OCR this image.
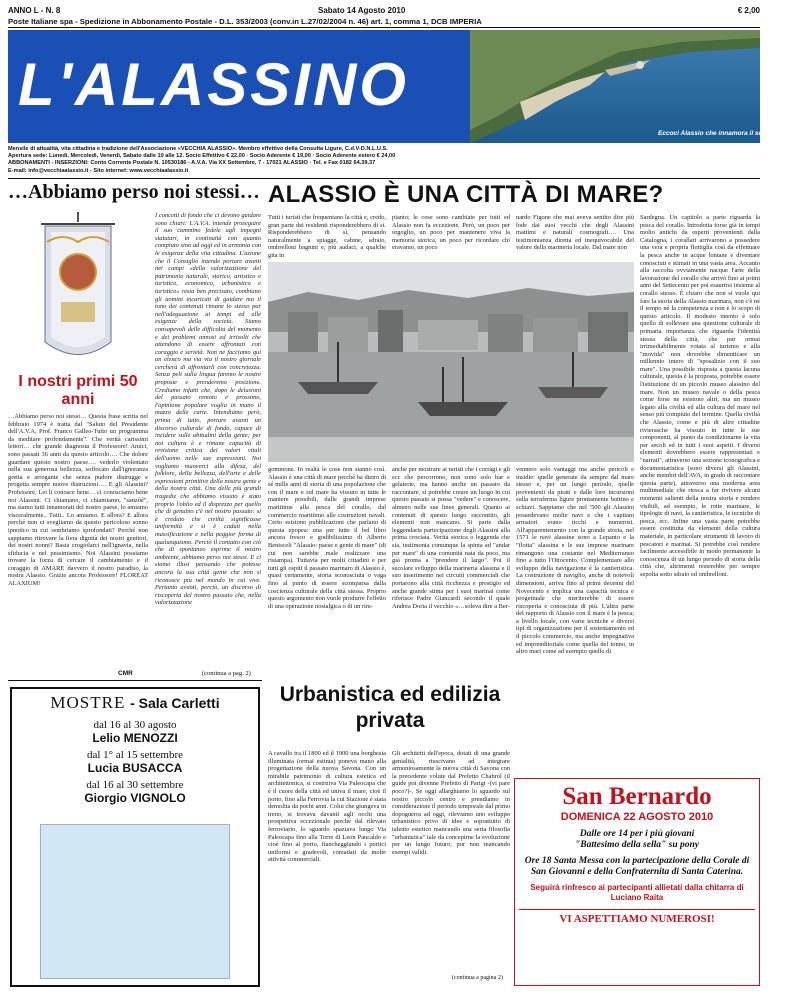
ANNO L - N. 8	Sabato 14 Agosto 2010	€ 2,00
Poste Italiane spa - Spedizione in Abbonamento Postale - D.L. 353/2003 (conv.in L.27/02/2004 n. 46) art. 1, comma 1, DCB IMPERIA
L'ALASSINO
Eccoci Alassio che innamora il sole (A. Gras)
Mensile di attualità, vita cittadina e tradizione dell'Associazione «VECCHIA ALASSIO». Membro effettivo della Consulta Ligure, C.d.V-D.N.L.U.S.
Apertura sede: Lunedì, Mercoledì, Venerdì, Sabato dalle 10 alle 12. Socio Effettivo € 22,00 · Socio Aderente € 19,00 · Socio Aderente estero € 24,00
ABBONAMENTI - INSERZIONI: Conto Corrente Postale N. 10530186 - A.V.A. Via XX Settembre, 7 - 17021 ALASSIO · Tel. e Fax 0182 64.39.37
E-mail: info@vecchiaalassio.it - Sito internet: www.vecchiaalassio.it
…Abbiamo perso noi stessi…
I nostri primi 50 anni
…Abbiamo perso noi stessi… Questa frase scritta nel febbraio 1974 è tratta dal "Saluto del Presidente dell'A.V.A, Prof. Franco Galleo-Tutto un programma da meditare profondamente". Che verità carissimi lettori… che grande diagnosta il Professore! Amici, sono passati 36 anni da questo articolo…. Che dolore guardare questo nostro paese…. vederlo violentato nella sua generosa bellezza, soffocato dall'ignoranza gretta e arrogante che senza pudore distrugge e progetta sempre nuove distruzioni…. E gli Alassini? Professore, Lei li conosce bene… ci conosciamo bene noi Alassini. Ci chiamano, ci chiamiamo, "sanzôê", ma siamo tutti innamorati del nostro paese, lo amiamo visceralmente.. Tutti.. Lo amiamo. E allora? E allora perché non ci svegliamo da questo pericoloso sonno ipnotico in cui sembriamo sprofondati? Perché non sappiamo ritrovare la fiera dignità dei nostri genitori, dei nostri nonni? Basta crogiolarci nell'ignavia, nella sfiducia e nel pessimismo. Noi Alassini possiamo trovare la forza di cercare il cambiamento e il coraggio di AMARE davvero il nostro paradiso, la nostra Alassio. Grazie ancora Professore! FLOREAT ALAXIUM!
CMR
I concetti di fondo che ci devono guidare sono chiari: L'A.V.A. intende proseguire il suo cammino fedele agli impegni statutari, in continuità con quanto compiuto sino ad oggi ed in armonia con le esigenze della vita cittadina. L'azione che il Consiglio intende portare avanti nei campi «della valorizzazione del patrimonio naturale, storico, artistico e turistico, economico, urbanistico e turistico» resta ben precisato, combiano gli uomini incaricati di guidare ma il tono dei contenuti rimane lo stesso pur nell'adeguazione ai tempi ed alle esigenze della società. Siamo consapevoli delle difficoltà del momento e dei problemi annosi ed irrisolti che attendono di essere affrontati con coraggio e serietà. Non ne facciamo qui un elenco ma via via il nostro giornale cercherà di affrontarli con concretezza. Senza peli sulla lingua faremo le nostre proposte e prenderemo posizione. Crediamo infatti che, dopo le delusioni del passato remoto e prossimo, l'opinione popolare voglia in mano il mazzo delle carte. Intendiamo però, prima di tutto, portare avanti un discorso culturale di fondo, capace di incidere sulle abitudini della gente; per noi cultura è e rimane capacità di revisione critica dei valori vitali dell'uomo nelle sue espressioni. Noi vogliamo muoverci alla difesa, del folklore, della bellezza, dell'arte e delle espressioni primitive della nostra gente e della nostra città. Una delle più grandi tragedie che abbiamo vissuto è stato proprio l'oblio ed il disprezzo per quello che di genuino c'è nel nostro passato: si è creduto che civiltà significasse uniformità e si è caduti nella massificazione e nella peggior forma di qualunquismo. Perciò il contatto con ciò che di spontaneo esprime il nostro ambiente, abbiamo perso noi stessi. E ci siamo illusi pensando che potesse ancora la sua città gente che non si riconosce più nel mondo in cui vive. Pertanto avanti, perciò, un discorso di riscoperta del nostro passato che, nella valorizzazione
(continua a pag. 2)
ALASSIO È UNA CITTÀ DI MARE?
Tutti i turisti che frequentano la città e, credo, gran parte dei residenti risponderebbero di sì. Risponderebbero di sì, pensando naturalmente a spiagge, cabine, sdraio, ombrelloni bagnini e, più audaci, a qualche gita in
pianto; le cose sono cambiate per tutti ed Alassio non fa eccezione. Però, un poco per orgoglio, un poco per mantenere viva la memoria storica, un poco per ricordare chi eravamo, un poco
nardo Figone che mai aveva sentito dire più lode dai suoi vecchi che degli Alassini mattimi e naturali cosmografi…. Una testimonianza diretta ed inequivocabile del valore della marineria locale. Dal mare non
Sardegna. Un capitolo a parte riguarda la pesca del corallo. Introdotta forse già in tempi molto antichi da esperti provenienti dalla Catalogna, i corallari arrivarono a possedere una vera e propria flottiglia così da effettuare la pesca anche in acque lontane e diventare conosciuti e stimati in una vasta area. Accanto alla raccolta ovviamente nacque l'arte della lavorazione del corallo che arrivò fino ai primi anni del Settecento per poi esaurirsi insieme al corallo stesso. È chiaro che non si vuole qui fare la storia della Alassio marinara, non c'è né il tempo né la competenza e non è lo scopo di questo articolo. Il modesto intento è solo quello di sollevare una questione culturale di primaria importanza che riguarda l'identità stessa della città, che pur ormai irrimediabilmente votata al turismo e alla "movida" non dovrebbe dimenticare un millennio intero di "sposalizio con il suo mare". Una possibile risposta a questa lacuna culturale, questa è la proposta, potrebbe essere l'istituzione di un piccolo museo alassino del mare. Non un museo navale o della pesca come forse ne esistono altri, ma un museo legato alla civiltà ed alla cultura del mare nel senso più compiuto del termine. Quella civiltà che Alassio, come e più di altre cittadine rivierasche ha vissuto in tutte le sue componenti, al punto da condizionarne la vita per secoli ed in tutti i suoi aspetti. I diversi elementi dovrebbero essere rappresentati e "narrati", attraverso una sezione iconografica e documentaristica (sono diversi gli Alassini, anche membri dell'AVA, in grado di raccontare questa parte), attraverso una moderna area multimediale che riesca a far rivivere alcuni momenti salienti della nostra storia e rendere visibili, ad esempio, le rotte marinare, le tipologie di navi, la cantieristica, le tecniche di pesca, ecc. Infine una vasta parte potrebbe essere costituita da elementi della cultura materiale, in particolare strumenti di lavoro di pescatori e marinai. Si potrebbe così rendere facilmente accessibile in modo permanente la conoscenza di un lungo periodo di storia della città che, altrimenti resterebbe per sempre sepolta sotto sdraio ed ombrelloni.
gommone. In realtà le cose non stanno così. Alassio è una città di mare perché ha dietro di sé mille anni di storia di una popolazione che con il mare e sul mare ha vissuto in tutte le maniere possibili, dalle grandi imprese marittime alla pesca del corallo, dal commercio marittimo alle costruzioni navali. Certo esistono pubblicazioni che parlano di questa epopea: una per tutte il bel libro ancora fresco e godibilissimo di Alberto Benisceli "Alassio: paese e gente di mare" (di cui non sarebbe male realizzare una ristampa). Tuttavia per molti cittadini e per tutti gli ospiti il passato marinaro di Alassio è, quasi certamente, storia sconosciuta o vaga fino al punto di essere scomparsa dalla coscienza culturale della città stessa. Proprio questo argomento non vuole produrre l'effetto di una operazione nostalgica o di un rim-
anche per mostrare ai turisti che i corragi e gli ecc che percorrono, non sono solo bar e gelaterie, ma hanno anche un passato da raccontare, si potrebbe creare un luogo in cui questo passato si possa "vedere" e conoscere, almeno nelle sue linee generali. Quanto ai contenuti di questo luogo raccontito, gli elementi non mancano. Si parte dalla leggendaria partecipazione degli Alassini alla prima crociata. Verità storica o leggenda che sia, testimonia comunque la spinta ad "andar per mare" di una comunità nata da poco, ma già pronta a "prendere il largo". Poi il secolare sviluppo della marineria alassina e il suo inserimento nei circuiti commerciali che portarono alla città ricchezza e prestigio ed anche grande stima per i suoi marinai come riferisce Padre Giancardi secondo il quale Andrea Doria il vecchio «…soleva dire a Ber-
vennero solo vantaggi ma anche pericoli e insidie: quelle generate da sempre dal mare stesso e, per un lungo periodo, quelle provenienti da pirati e dalle loro incursioni sulla terraferma ligure prontamente bottino e schiavi. Sappiamo che nel '500 gli Alassini possedevano molte navi e che i capitani armatori erano ricchi e numerosi. All'apparentemento con la grande storia, nel 1571 le navi alassine sono a Lepanto e la "flotta" alassina e le sue imprese marinare rimangono una costante nel Mediterraneo fino a tutto l'Ottocento. Complementare allo sviluppo della navigazione è la cantieristica. La costruzione di naviglio, anche di notevoli dimensioni, arriva fino al primi decenni del Novecento e implica una capacità tecnica e progettuale che meriterebbe di essere riscoperta e conosciuta di più. L'altra parte del rapporto di Alassio con il mare è la pesca; a livello locale, con varie tecniche e diversi tipi di organizzazione per il sostentamento ed il piccolo commercio, ma anche impegnativa ed imprenditoriale come quella del tonno, in altro mari come ad esempio quello di
Urbanistica ed edilizia privata
A cavallo tra il 1800 ed il 1900 una borghesia illuminata (ormai estinta) poneva mano alla progettazione della nuova Savona. Con un mirabile patrimonio di cultura estetica ed architettonica, si costruiva Via Paleocapa che è il cuore della città ed univa il mare, cioè il porto, fino alla Ferrovia la cui Stazione è stata demolita da pochi anni. Colui che giungeva in treno, si trovava davanti agli occhi una prospettiva eccezionale perché dal rilevato ferroviario, lo sguardo spaziava lungo Via Paleocapa fino alla Torre di Leon Pancaldo e cioè fino al porto, fiancheggiando i portici uniformi e gradevoli, coreadati da molte attività commerciali.
Gli architetti dell'epoca, dotati di una grande genialità, riuscivano ad integrare armoniosamente la nuova città di Savona con la precedente volute dal Prefetto Chabrol (il guide poi divenne Prefetto di Parigi -(vi pare poco?)-. Se oggi allarghiamo lo sguardo sul nostro piccolo centro e prendiamo in considerazione il periodo temporale dal primo dopoguerra ad oggi, rileviamo uno sviluppo urbanistico privo di idee e soprattutto di talento estetico mancando una seria filosofia "urbanistica" tale da concepirne la evoluzione per un lungo futuro, pur non mancando esempi validi.
(continua a pagina 2)
MOSTRE - Sala Carletti
dal 16 al 30 agosto
Lelio MENOZZI
dal 1° al 15 settembre
Lucia BUSACCA
dal 16 al 30 settembre
Giorgio VIGNOLO	San Bernardo
DOMENICA 22 AGOSTO 2010
Dalle ore 14 per i più giovani
"Battesimo della sella" su pony
Ore 18 Santa Messa con la partecipazione della Corale di San Giovanni e della Confraternita di Santa Caterina.
Seguirà rinfresco ai partecipanti allietati dalla chitarra di Luciano Raita
VI ASPETTIAMO NUMEROSI!
